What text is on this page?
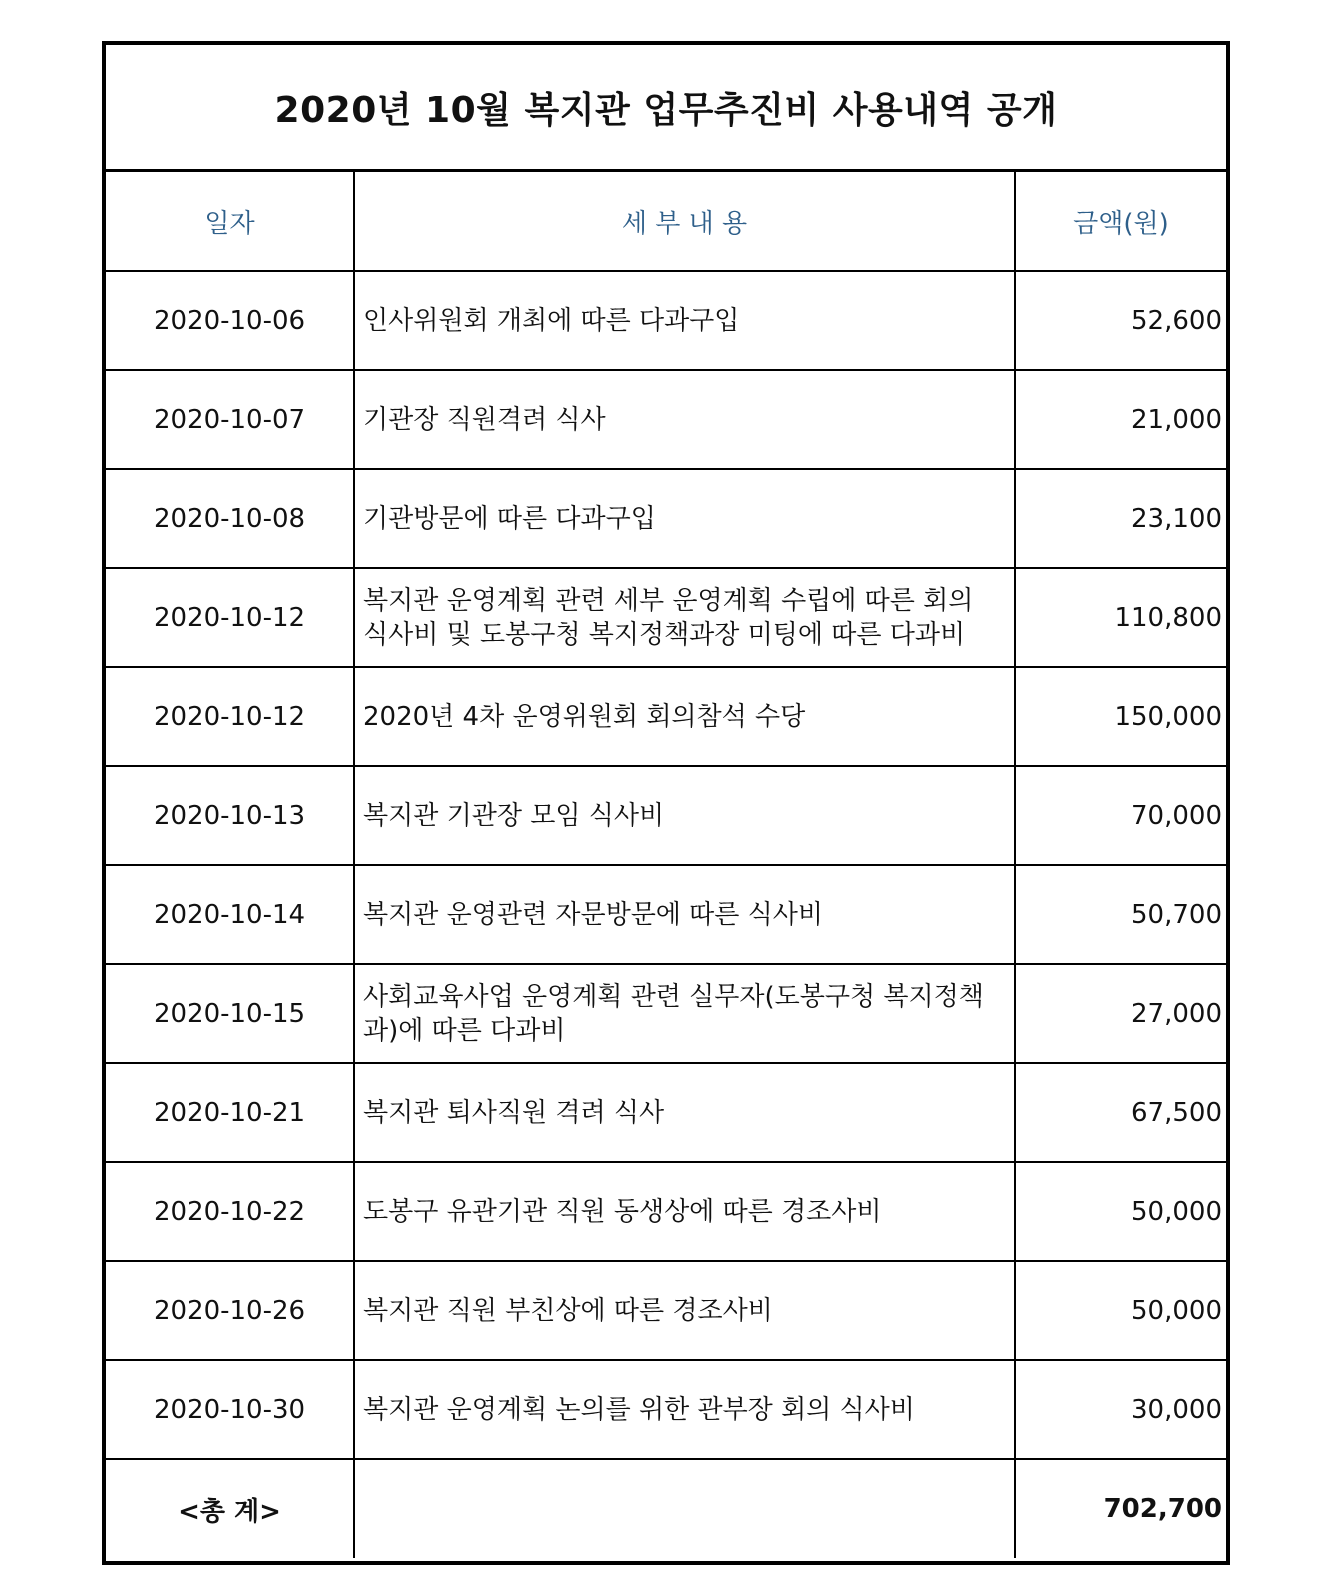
2020년 10월 복지관 업무추진비 사용내역 공개
일자	세 부 내 용	금액(원)
2020-10-06	인사위원회 개최에 따른 다과구입	52,600
2020-10-07	기관장 직원격려 식사	21,000
2020-10-08	기관방문에 따른 다과구입	23,100
2020-10-12	복지관 운영계획 관련 세부 운영계획 수립에 따른 회의 식사비 및 도봉구청 복지정책과장 미팅에 따른 다과비	110,800
2020-10-12	2020년 4차 운영위원회 회의참석 수당	150,000
2020-10-13	복지관 기관장 모임 식사비	70,000
2020-10-14	복지관 운영관련 자문방문에 따른 식사비	50,700
2020-10-15	사회교육사업 운영계획 관련 실무자(도봉구청 복지정책과)에 따른 다과비	27,000
2020-10-21	복지관 퇴사직원 격려 식사	67,500
2020-10-22	도봉구 유관기관 직원 동생상에 따른 경조사비	50,000
2020-10-26	복지관 직원 부친상에 따른 경조사비	50,000
2020-10-30	복지관 운영계획 논의를 위한 관부장 회의 식사비	30,000
<총 계>		702,700
